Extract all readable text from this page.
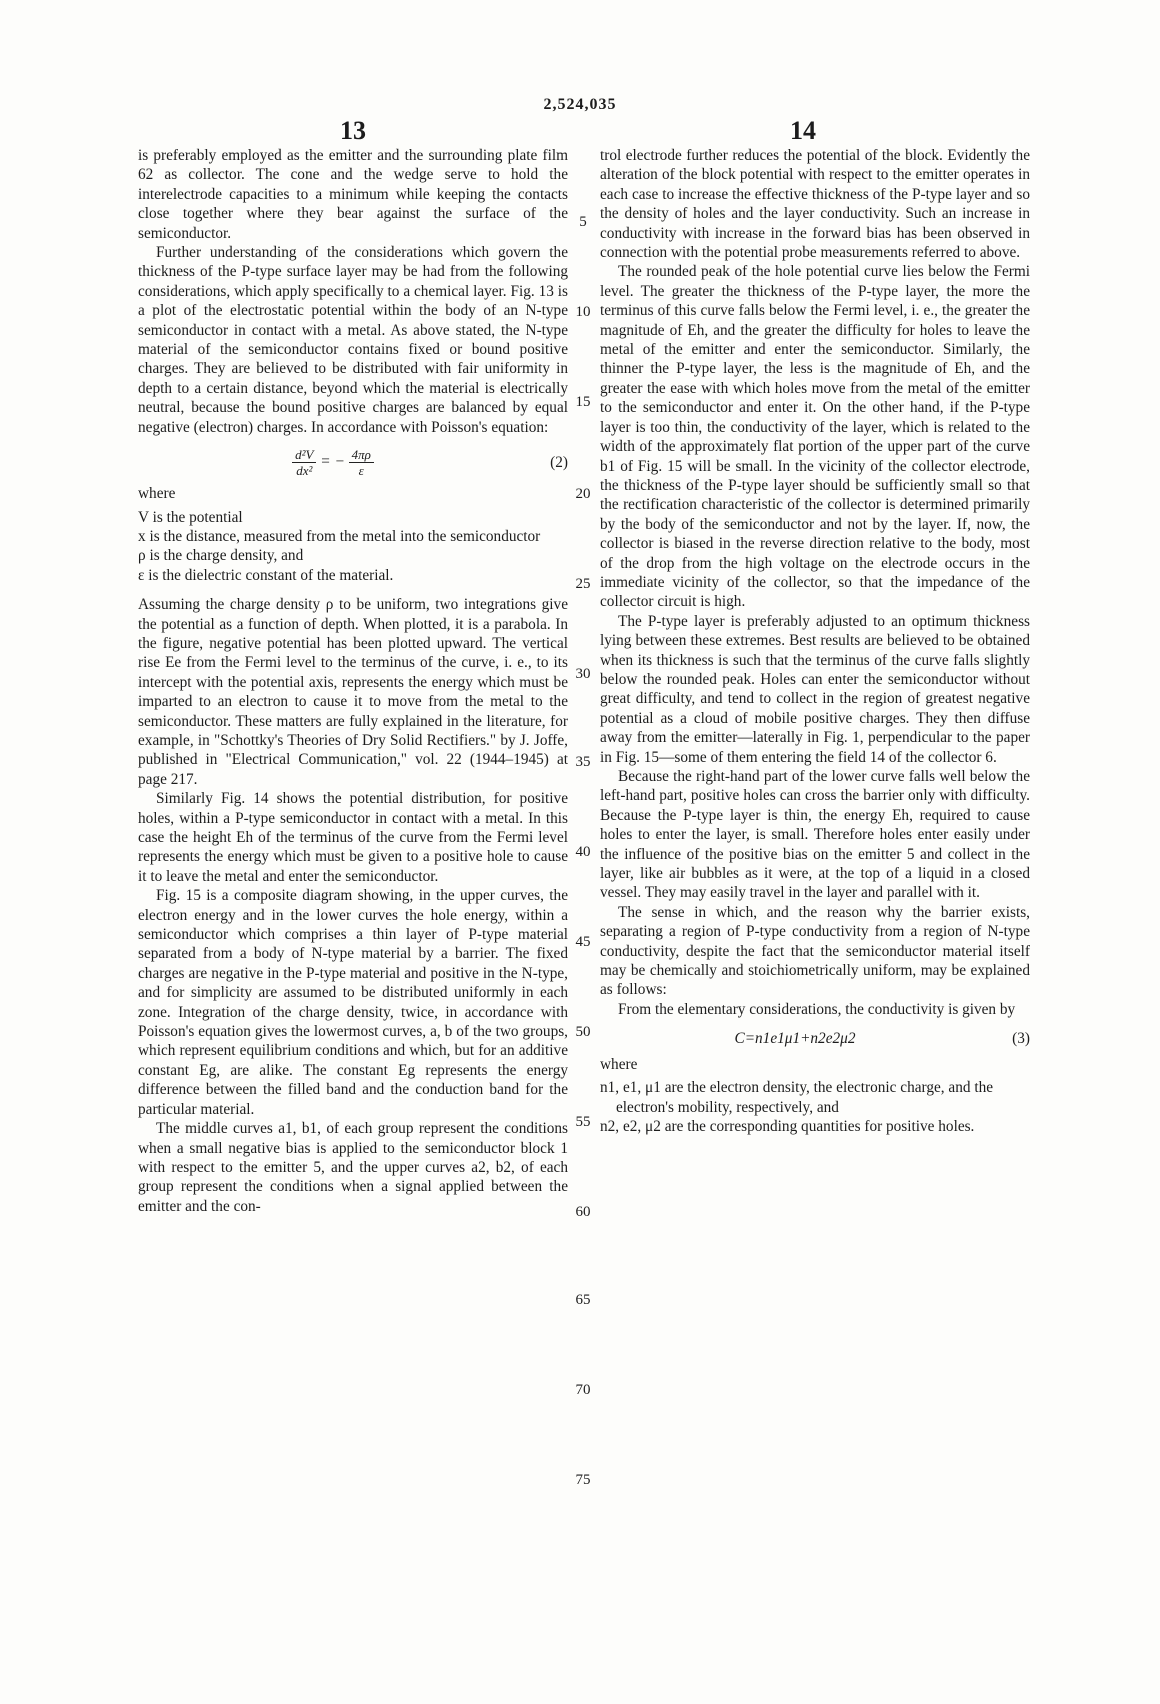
2,524,035
13	14

is preferably employed as the emitter and the surrounding plate film 62 as collector. The cone and the wedge serve to hold the interelectrode capacities to a minimum while keeping the contacts close together where they bear against the surface of the semiconductor.

Further understanding of the considerations which govern the thickness of the P-type surface layer may be had from the following considerations, which apply specifically to a chemical layer. Fig. 13 is a plot of the electrostatic potential within the body of an N-type semiconductor in contact with a metal. As above stated, the N-type material of the semiconductor contains fixed or bound positive charges. They are believed to be distributed with fair uniformity in depth to a certain distance, beyond which the material is electrically neutral, because the bound positive charges are balanced by equal negative (electron) charges. In accordance with Poisson's equation:

$\frac{\text{d²V}}{\text{dx²}}$ = − $\frac{4\pi\rho}{\varepsilon}$	(2)

where

V is the potential
x is the distance, measured from the metal into the semiconductor
ρ is the charge density, and
ε is the dielectric constant of the material.

Assuming the charge density ρ to be uniform, two integrations give the potential as a function of depth. When plotted, it is a parabola. In the figure, negative potential has been plotted upward. The vertical rise Ee from the Fermi level to the terminus of the curve, i. e., to its intercept with the potential axis, represents the energy which must be imparted to an electron to cause it to move from the metal to the semiconductor. These matters are fully explained in the literature, for example, in "Schottky's Theories of Dry Solid Rectifiers." by J. Joffe, published in "Electrical Communication," vol. 22 (1944–1945) at page 217.

Similarly Fig. 14 shows the potential distribution, for positive holes, within a P-type semiconductor in contact with a metal. In this case the height Eh of the terminus of the curve from the Fermi level represents the energy which must be given to a positive hole to cause it to leave the metal and enter the semiconductor.

Fig. 15 is a composite diagram showing, in the upper curves, the electron energy and in the lower curves the hole energy, within a semiconductor which comprises a thin layer of P-type material separated from a body of N-type material by a barrier. The fixed charges are negative in the P-type material and positive in the N-type, and for simplicity are assumed to be distributed uniformly in each zone. Integration of the charge density, twice, in accordance with Poisson's equation gives the lowermost curves, a, b of the two groups, which represent equilibrium conditions and which, but for an additive constant Eg, are alike. The constant Eg represents the energy difference between the filled band and the conduction band for the particular material.

The middle curves a1, b1, of each group represent the conditions when a small negative bias is applied to the semiconductor block 1 with respect to the emitter 5, and the upper curves a2, b2, of each group represent the conditions when a signal applied between the emitter and the con-

5
10
15
20
25
30
35
40
45
50
55
60
65
70
75

trol electrode further reduces the potential of the block. Evidently the alteration of the block potential with respect to the emitter operates in each case to increase the effective thickness of the P-type layer and so the density of holes and the layer conductivity. Such an increase in conductivity with increase in the forward bias has been observed in connection with the potential probe measurements referred to above.

The rounded peak of the hole potential curve lies below the Fermi level. The greater the thickness of the P-type layer, the more the terminus of this curve falls below the Fermi level, i. e., the greater the magnitude of Eh, and the greater the difficulty for holes to leave the metal of the emitter and enter the semiconductor. Similarly, the thinner the P-type layer, the less is the magnitude of Eh, and the greater the ease with which holes move from the metal of the emitter to the semiconductor and enter it. On the other hand, if the P-type layer is too thin, the conductivity of the layer, which is related to the width of the approximately flat portion of the upper part of the curve b1 of Fig. 15 will be small. In the vicinity of the collector electrode, the thickness of the P-type layer should be sufficiently small so that the rectification characteristic of the collector is determined primarily by the body of the semiconductor and not by the layer. If, now, the collector is biased in the reverse direction relative to the body, most of the drop from the high voltage on the electrode occurs in the immediate vicinity of the collector, so that the impedance of the collector circuit is high.

The P-type layer is preferably adjusted to an optimum thickness lying between these extremes. Best results are believed to be obtained when its thickness is such that the terminus of the curve falls slightly below the rounded peak. Holes can enter the semiconductor without great difficulty, and tend to collect in the region of greatest negative potential as a cloud of mobile positive charges. They then diffuse away from the emitter—laterally in Fig. 1, perpendicular to the paper in Fig. 15—some of them entering the field 14 of the collector 6.

Because the right-hand part of the lower curve falls well below the left-hand part, positive holes can cross the barrier only with difficulty. Because the P-type layer is thin, the energy Eh, required to cause holes to enter the layer, is small. Therefore holes enter easily under the influence of the positive bias on the emitter 5 and collect in the layer, like air bubbles as it were, at the top of a liquid in a closed vessel. They may easily travel in the layer and parallel with it.

The sense in which, and the reason why the barrier exists, separating a region of P-type conductivity from a region of N-type conductivity, despite the fact that the semiconductor material itself may be chemically and stoichiometrically uniform, may be explained as follows:

From the elementary considerations, the conductivity is given by

C=n1e1μ1+n2e2μ2	(3)

where

n1, e1, μ1 are the electron density, the electronic charge, and the electron's mobility, respectively, and
n2, e2, μ2 are the corresponding quantities for positive holes.
